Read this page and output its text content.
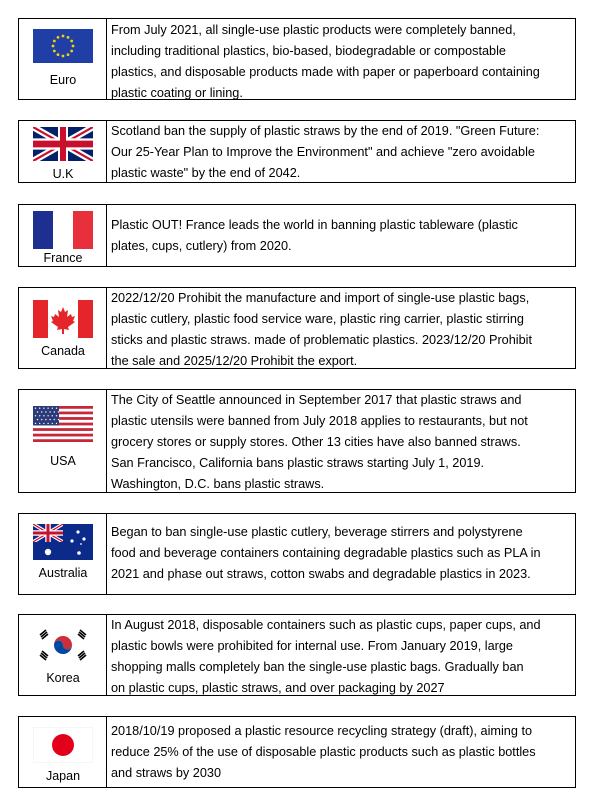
Euro
From July 2021, all single-use plastic products were completely banned,
including traditional plastics, bio-based, biodegradable or compostable
plastics, and disposable products made with paper or paperboard containing
plastic coating or lining.
U.K
Scotland ban the supply of plastic straws by the end of 2019. "Green Future:
Our 25-Year Plan to Improve the Environment" and achieve "zero avoidable
plastic waste" by the end of 2042.
France
Plastic OUT! France leads the world in banning plastic tableware (plastic
plates, cups, cutlery) from 2020.
Canada
2022/12/20 Prohibit the manufacture and import of single-use plastic bags,
plastic cutlery, plastic food service ware, plastic ring carrier, plastic stirring
sticks and plastic straws. made of problematic plastics. 2023/12/20 Prohibit
the sale and 2025/12/20 Prohibit the export.
USA
The City of Seattle announced in September 2017 that plastic straws and
plastic utensils were banned from July 2018 applies to restaurants, but not
grocery stores or supply stores. Other 13 cities have also banned straws.
San Francisco, California bans plastic straws starting July 1, 2019.
Washington, D.C. bans plastic straws.
Australia
Began to ban single-use plastic cutlery, beverage stirrers and polystyrene
food and beverage containers containing degradable plastics such as PLA in
2021 and phase out straws, cotton swabs and degradable plastics in 2023.
Korea
In August 2018, disposable containers such as plastic cups, paper cups, and
plastic bowls were prohibited for internal use. From January 2019, large
shopping malls completely ban the single-use plastic bags. Gradually ban
on plastic cups, plastic straws, and over packaging by 2027
Japan
2018/10/19 proposed a plastic resource recycling strategy (draft), aiming to
reduce 25% of the use of disposable plastic products such as plastic bottles
and straws by 2030
